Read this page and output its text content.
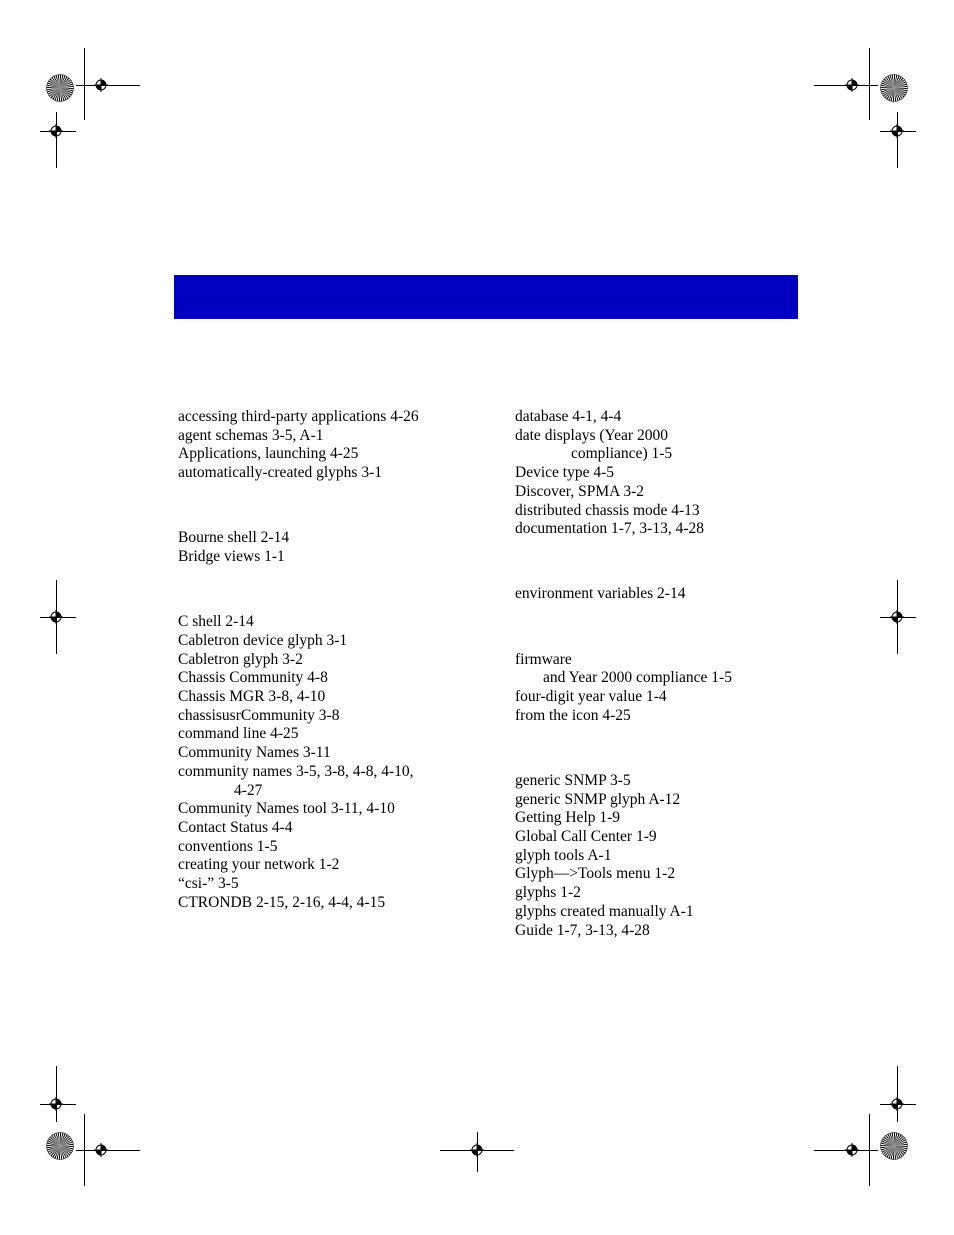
accessing third-party applications 4-26
agent schemas 3-5, A-1
Applications, launching 4-25
automatically-created glyphs 3-1
Bourne shell 2-14
Bridge views 1-1
C shell 2-14
Cabletron device glyph 3-1
Cabletron glyph 3-2
Chassis Community 4-8
Chassis MGR 3-8, 4-10
chassisusrCommunity 3-8
command line 4-25
Community Names 3-11
community names 3-5, 3-8, 4-8, 4-10,
4-27
Community Names tool 3-11, 4-10
Contact Status 4-4
conventions 1-5
creating your network 1-2
“csi-” 3-5
CTRONDB 2-15, 2-16, 4-4, 4-15
database 4-1, 4-4
date displays (Year 2000
compliance) 1-5
Device type 4-5
Discover, SPMA 3-2
distributed chassis mode 4-13
documentation 1-7, 3-13, 4-28
environment variables 2-14
firmware
and Year 2000 compliance 1-5
four-digit year value 1-4
from the icon 4-25
generic SNMP 3-5
generic SNMP glyph A-12
Getting Help 1-9
Global Call Center 1-9
glyph tools A-1
Glyph—>Tools menu 1-2
glyphs 1-2
glyphs created manually A-1
Guide 1-7, 3-13, 4-28
